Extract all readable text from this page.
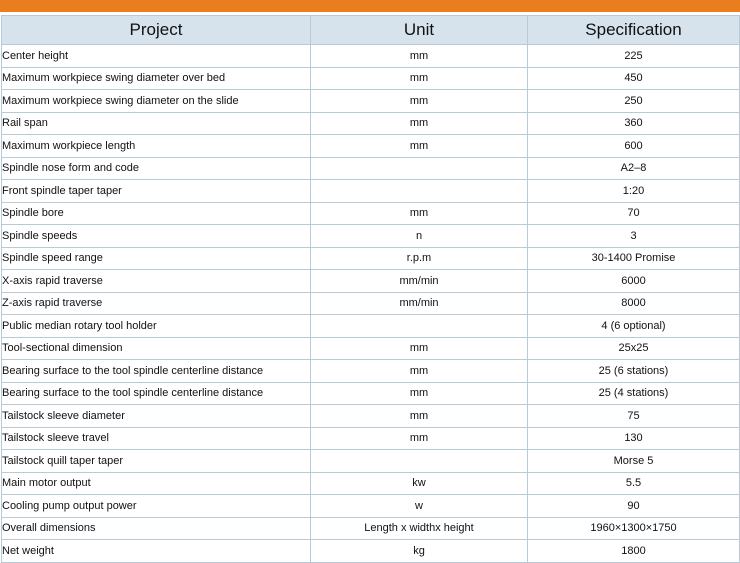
Project	Unit	Specification
Center height	mm	225
Maximum workpiece swing diameter over bed	mm	450
Maximum workpiece swing diameter on the slide	mm	250
Rail span	mm	360
Maximum workpiece length	mm	600
Spindle nose form and code		A2–8
Front spindle taper taper		1:20
Spindle bore	mm	70
Spindle speeds	n	3
Spindle speed range	r.p.m	30-1400 Promise
X-axis rapid traverse	mm/min	6000
Z-axis rapid traverse	mm/min	8000
Public median rotary tool holder		4 (6 optional)
Tool-sectional dimension	mm	25x25
Bearing surface to the tool spindle centerline distance	mm	25 (6 stations)
Bearing surface to the tool spindle centerline distance	mm	25 (4 stations)
Tailstock sleeve diameter	mm	75
Tailstock sleeve travel	mm	130
Tailstock quill taper taper		Morse 5
Main motor output	kw	5.5
Cooling pump output power	w	90
Overall dimensions	Length x widthx height	1960×1300×1750
Net weight	kg	1800
